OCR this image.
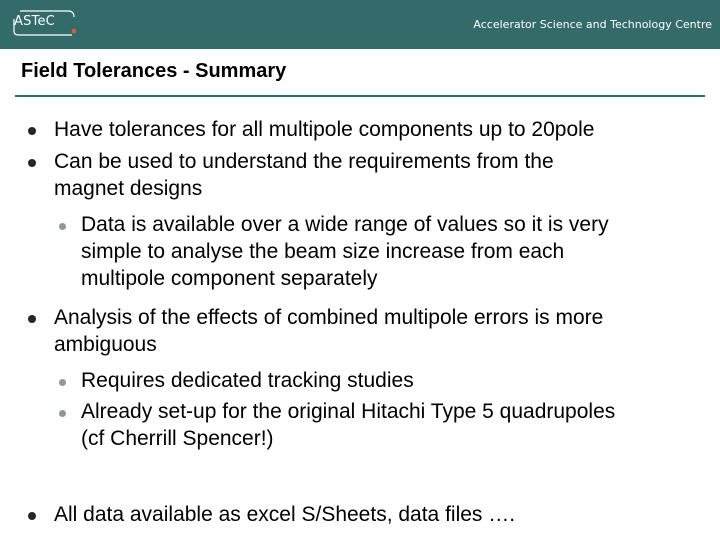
ASTeC	Accelerator Science and Technology Centre
Field Tolerances - Summary
Have tolerances for all multipole components up to 20pole
Can be used to understand the requirements from the
magnet designs
Data is available over a wide range of values so it is very
simple to analyse the beam size increase from each
multipole component separately
Analysis of the effects of combined multipole errors is more
ambiguous
Requires dedicated tracking studies
Already set-up for the original Hitachi Type 5 quadrupoles
(cf Cherrill Spencer!)
All data available as excel S/Sheets, data files ….
